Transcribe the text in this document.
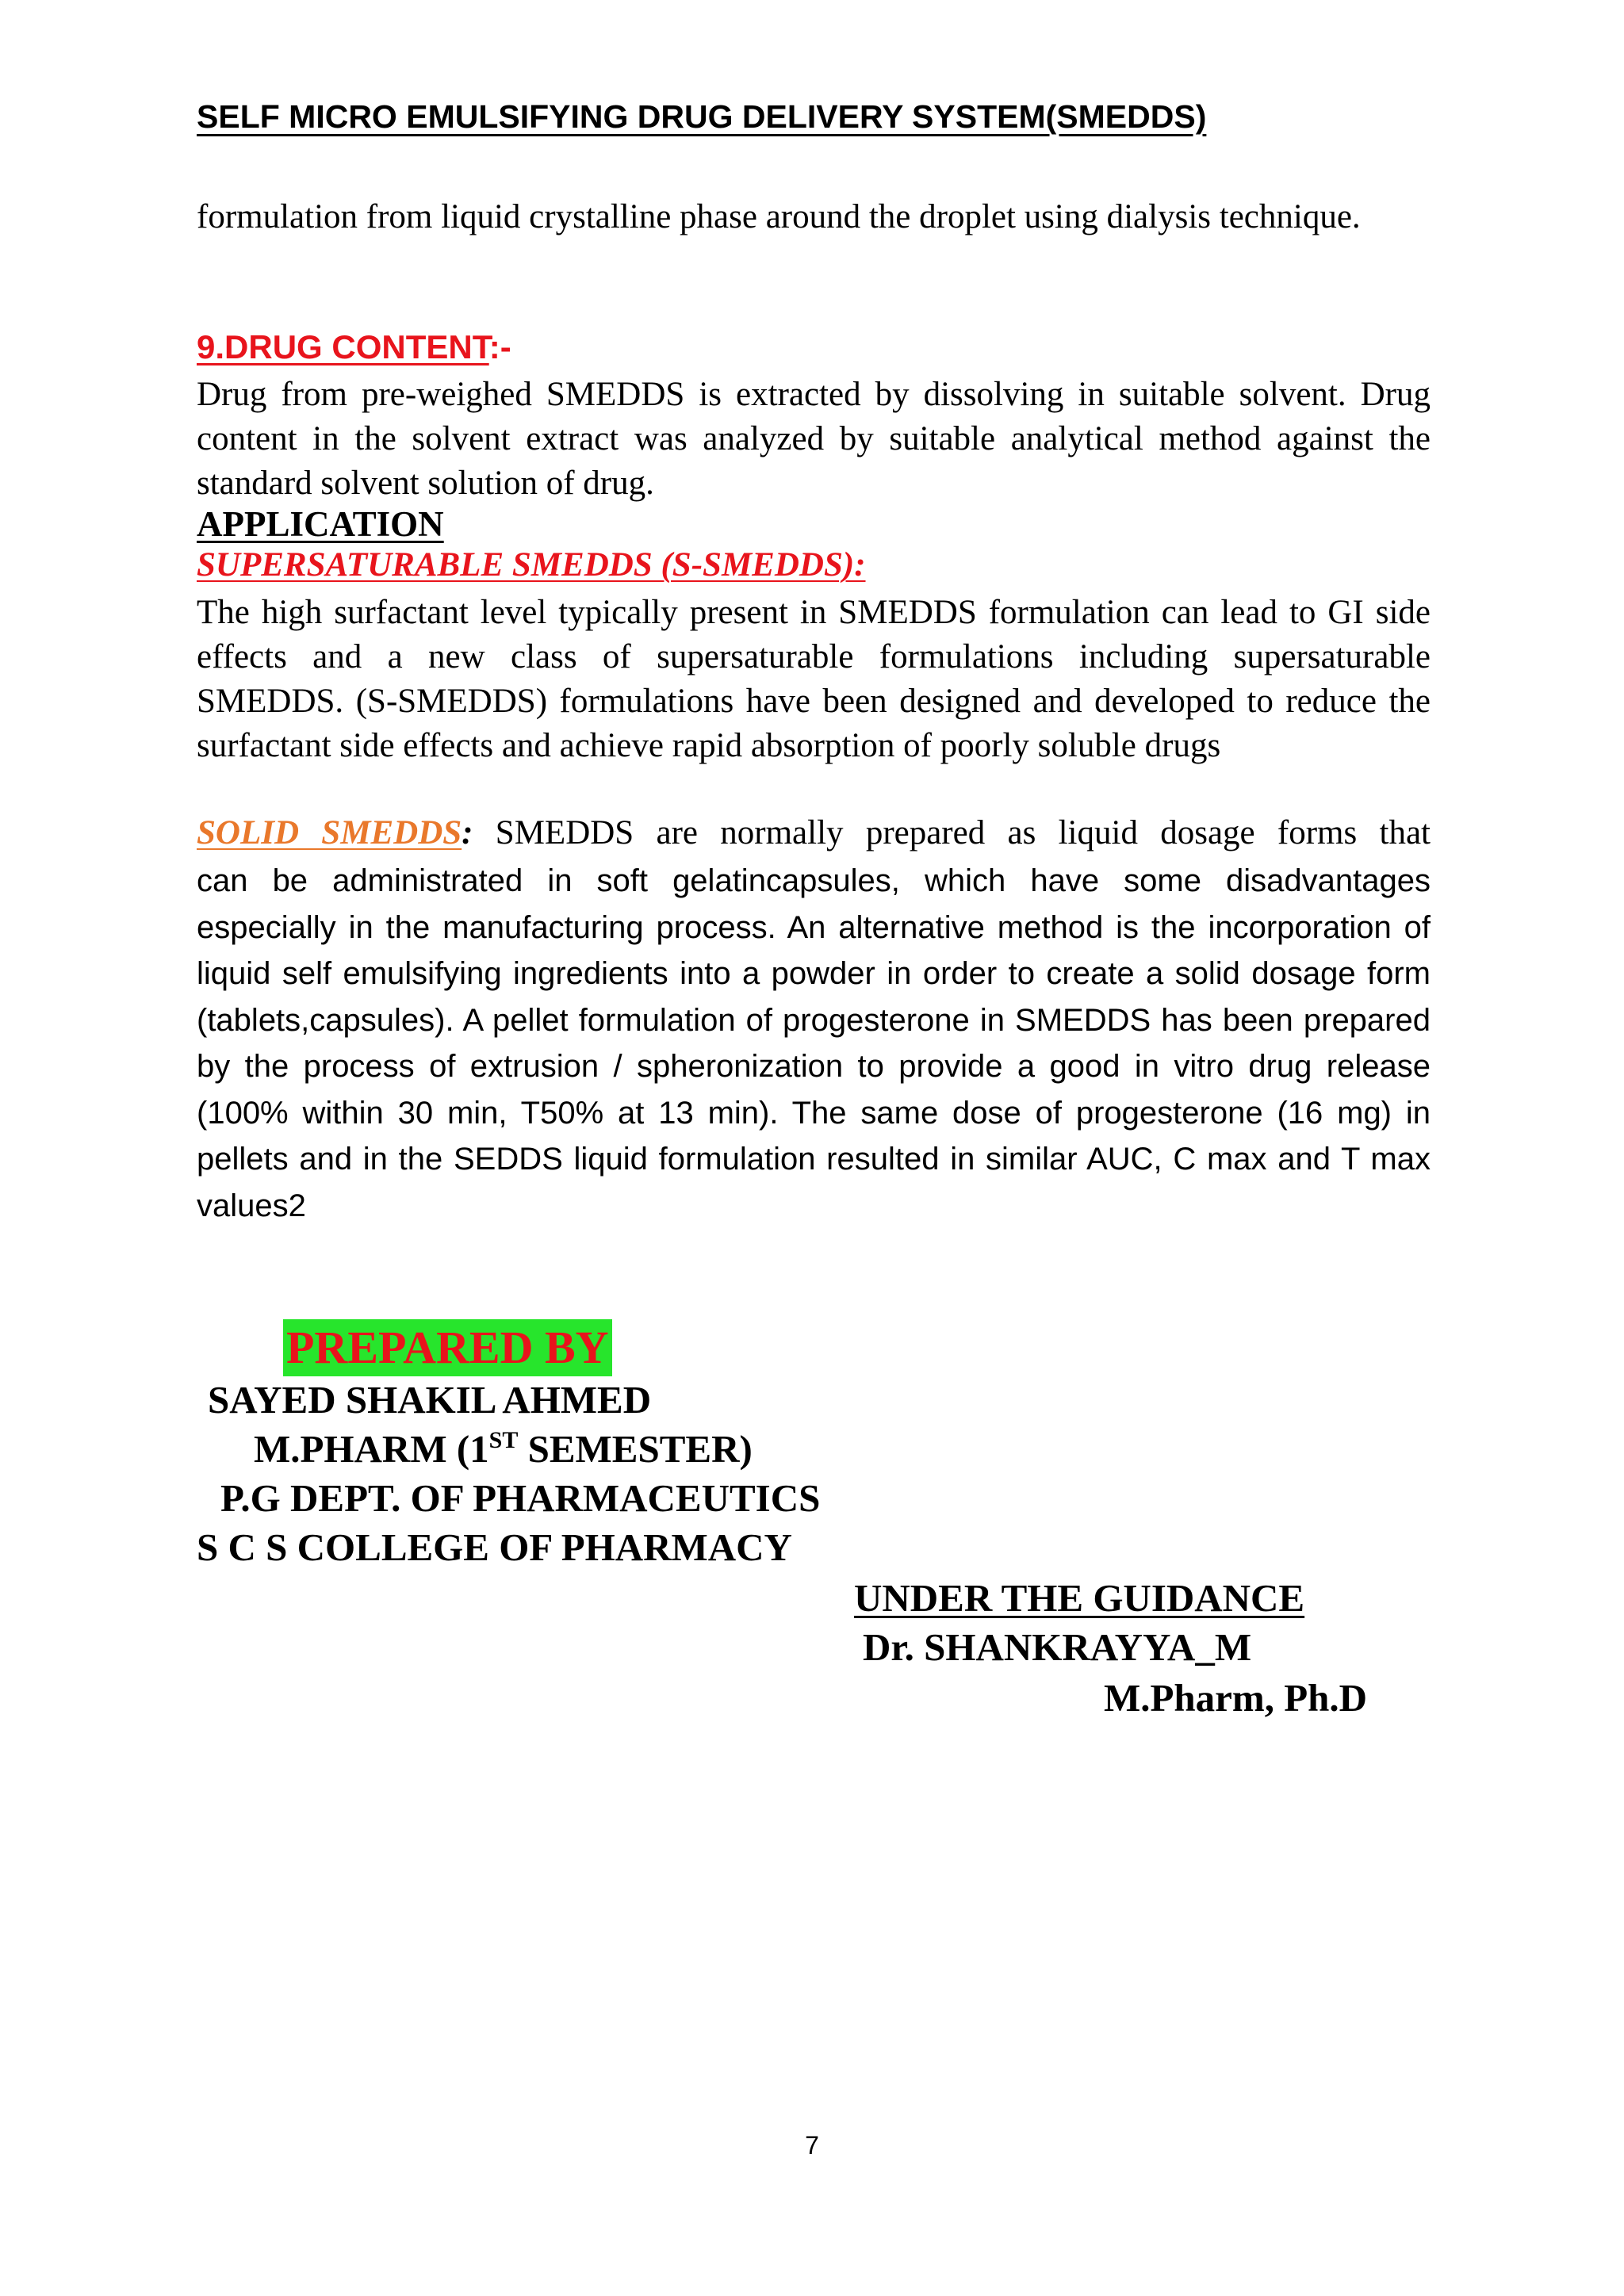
SELF MICRO EMULSIFYING DRUG DELIVERY SYSTEM(SMEDDS)
formulation from liquid crystalline phase around the droplet using dialysis technique.
9.DRUG CONTENT:-
Drug from pre-weighed SMEDDS is extracted by dissolving in suitable solvent. Drug content in the solvent extract was analyzed by suitable analytical method against the standard solvent solution of drug.
APPLICATION
SUPERSATURABLE SMEDDS (S-SMEDDS):
The high surfactant level typically present in SMEDDS formulation can lead to GI side effects and a new class of supersaturable formulations including supersaturable SMEDDS. (S-SMEDDS) formulations have been designed and developed to reduce the surfactant side effects and achieve rapid absorption of poorly soluble drugs
SOLID SMEDDS: SMEDDS are normally prepared as liquid dosage forms that
can be administrated in soft gelatincapsules, which have some disadvantages especially in the manufacturing process. An alternative method is the incorporation of liquid self emulsifying ingredients into a powder in order to create a solid dosage form (tablets,capsules). A pellet formulation of progesterone in SMEDDS has been prepared by the process of extrusion / spheronization to provide a good in vitro drug release (100% within 30 min, T50% at 13 min). The same dose of progesterone (16 mg) in pellets and in the SEDDS liquid formulation resulted in similar AUC, C max and T max values2
PREPARED BY
SAYED SHAKIL AHMED
M.PHARM (1ST SEMESTER)
P.G DEPT. OF PHARMACEUTICS
S C S COLLEGE OF PHARMACY
UNDER THE GUIDANCE
Dr. SHANKRAYYA_M
M.Pharm, Ph.D
7
